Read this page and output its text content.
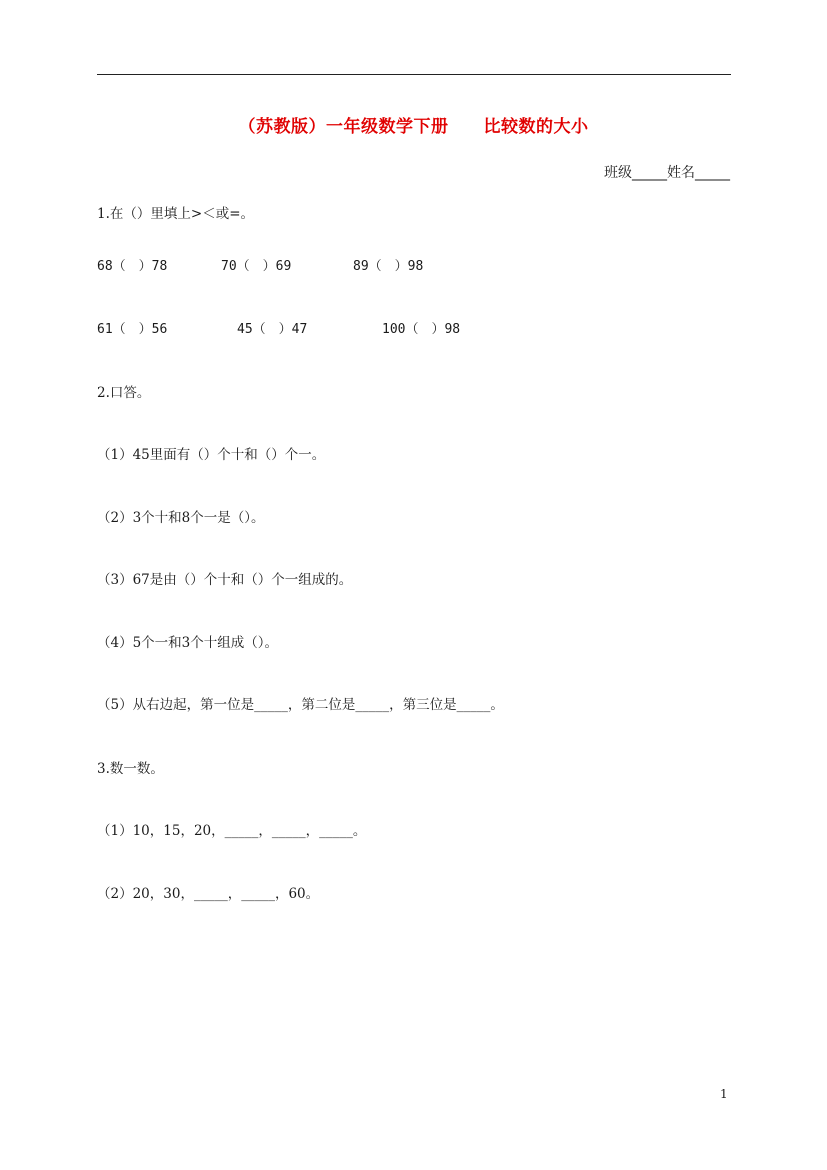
（苏教版）一年级数学下册　　比较数的大小
班级_____姓名_____
1.在（）里填上>＜或=。
68（　）78	70（　）69	89（　）98
61（　）56	45（　）47	100（　）98
2.口答。
（1）45里面有（）个十和（）个一。
（2）3个十和8个一是（）。
（3）67是由（）个十和（）个一组成的。
（4）5个一和3个十组成（）。
（5）从右边起，第一位是_____，第二位是_____，第三位是_____。
3.数一数。
（1）10，15，20，_____，_____，_____。
（2）20，30，_____，_____，60。
1
